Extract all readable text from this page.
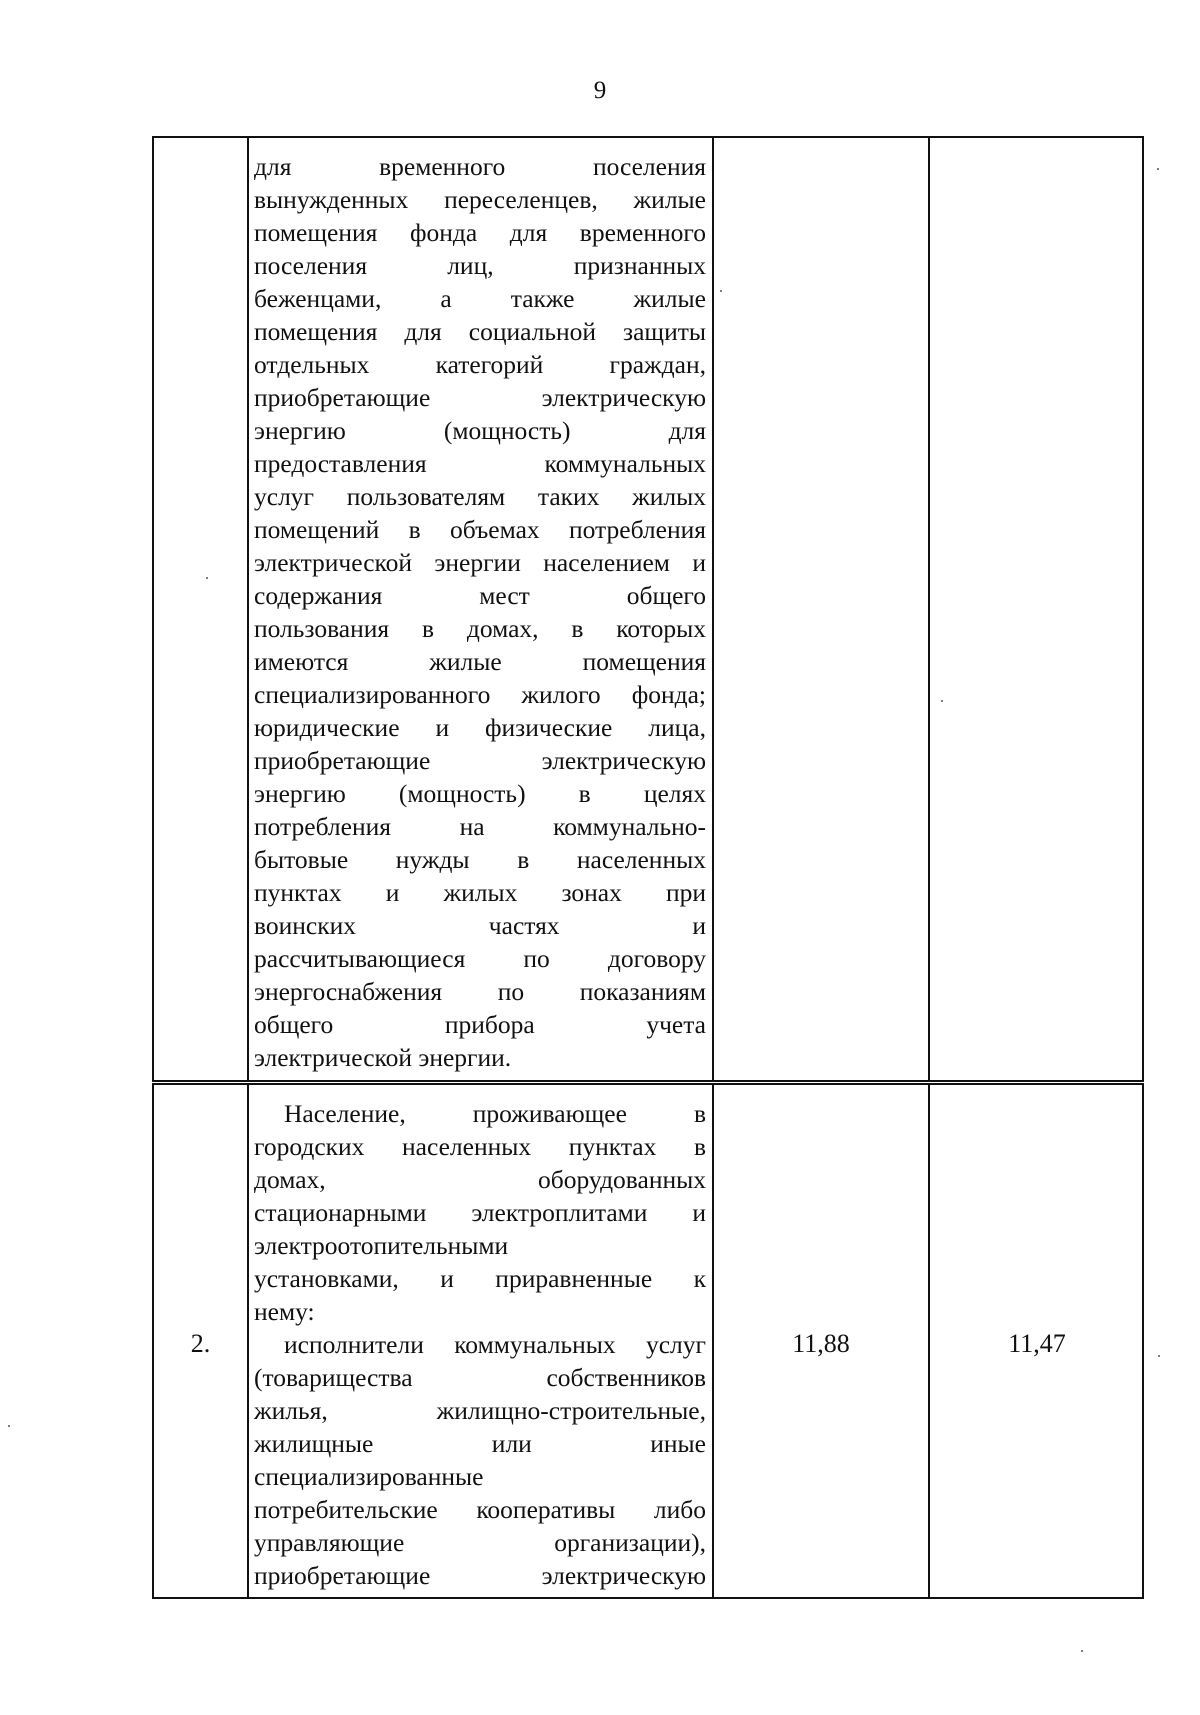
9
для временного поселения
вынужденных переселенцев, жилые
помещения фонда для временного
поселения лиц, признанных
беженцами, а также жилые
помещения для социальной защиты
отдельных категорий граждан,
приобретающие электрическую
энергию (мощность) для
предоставления коммунальных
услуг пользователям таких жилых
помещений в объемах потребления
электрической энергии населением и
содержания мест общего
пользования в домах, в которых
имеются жилые помещения
специализированного жилого фонда;
юридические и физические лица,
приобретающие электрическую
энергию (мощность) в целях
потребления на коммунально-
бытовые нужды в населенных
пунктах и жилых зонах при
воинских частях и
рассчитывающиеся по договору
энергоснабжения по показаниям
общего прибора учета
электрической энергии.
2.
Население, проживающее в
городских населенных пунктах в
домах, оборудованных
стационарными электроплитами и
электроотопительными
установками, и приравненные к
нему:
исполнители коммунальных услуг
(товарищества собственников
жилья, жилищно-строительные,
жилищные или иные
специализированные
потребительские кооперативы либо
управляющие организации),
приобретающие электрическую
11,88	11,47
